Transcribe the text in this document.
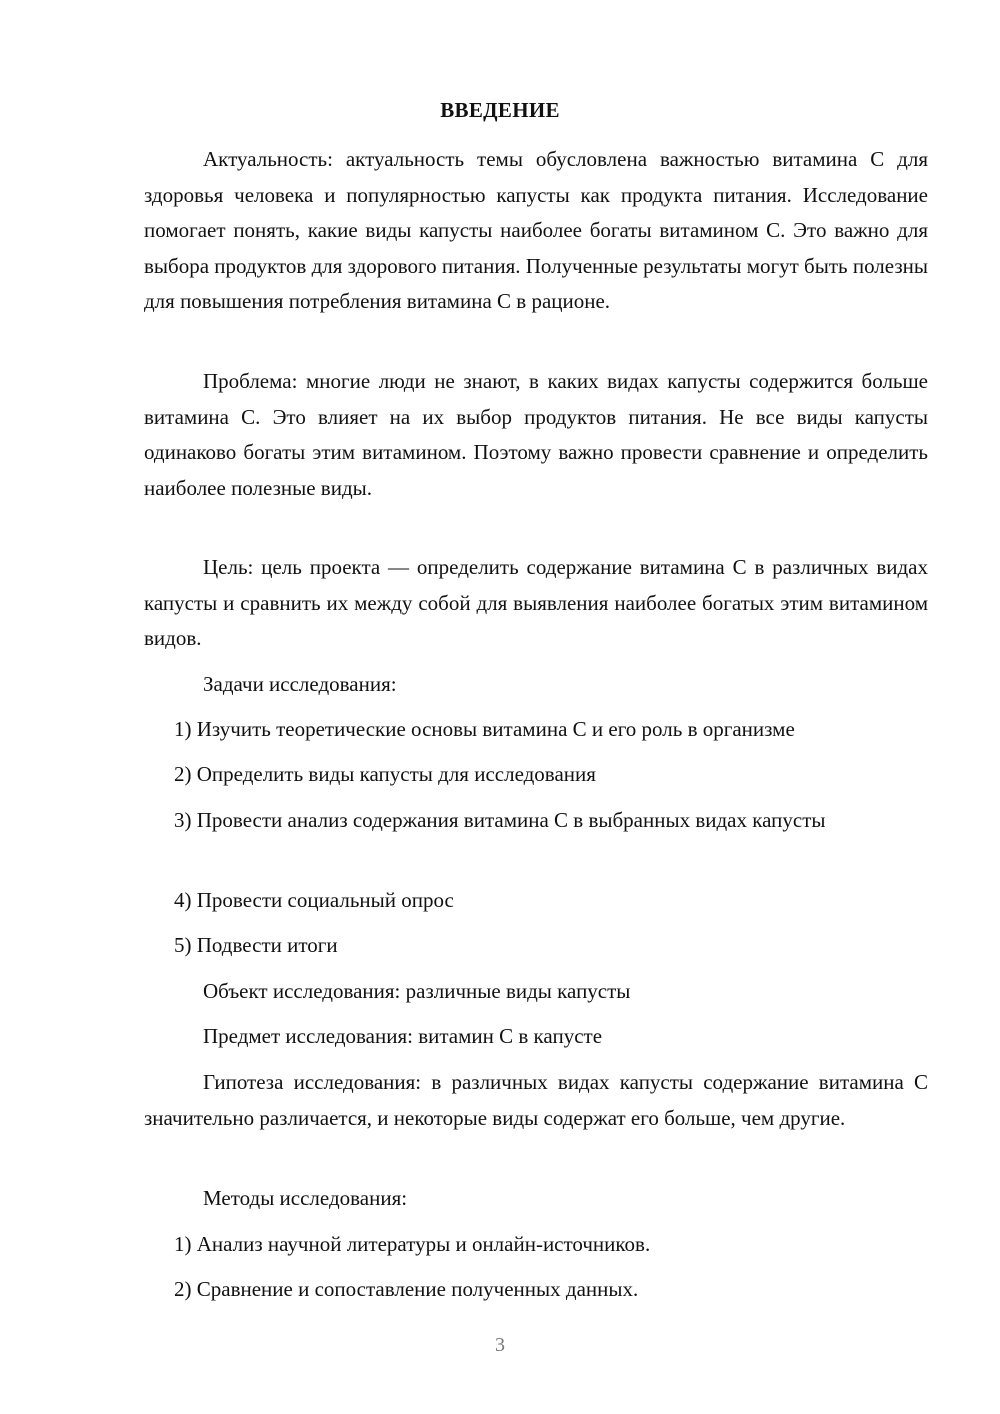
ВВЕДЕНИЕ
Актуальность: актуальность темы обусловлена важностью витамина С для здоровья человека и популярностью капусты как продукта питания. Исследование помогает понять, какие виды капусты наиболее богаты витамином С. Это важно для выбора продуктов для здорового питания. Полученные результаты могут быть полезны для повышения потребления витамина С в рационе.
Проблема: многие люди не знают, в каких видах капусты содержится больше витамина С. Это влияет на их выбор продуктов питания. Не все виды капусты одинаково богаты этим витамином. Поэтому важно провести сравнение и определить наиболее полезные виды.
Цель: цель проекта — определить содержание витамина С в различных видах капусты и сравнить их между собой для выявления наиболее богатых этим витамином видов.
Задачи исследования:
1) Изучить теоретические основы витамина С и его роль в организме
2) Определить виды капусты для исследования
3) Провести анализ содержания витамина С в выбранных видах капусты
4) Провести социальный опрос
5) Подвести итоги
Объект исследования: различные виды капусты
Предмет исследования: витамин С в капусте
Гипотеза исследования: в различных видах капусты содержание витамина С значительно различается, и некоторые виды содержат его больше, чем другие.
Методы исследования:
1) Анализ научной литературы и онлайн-источников.
2) Сравнение и сопоставление полученных данных.
3
